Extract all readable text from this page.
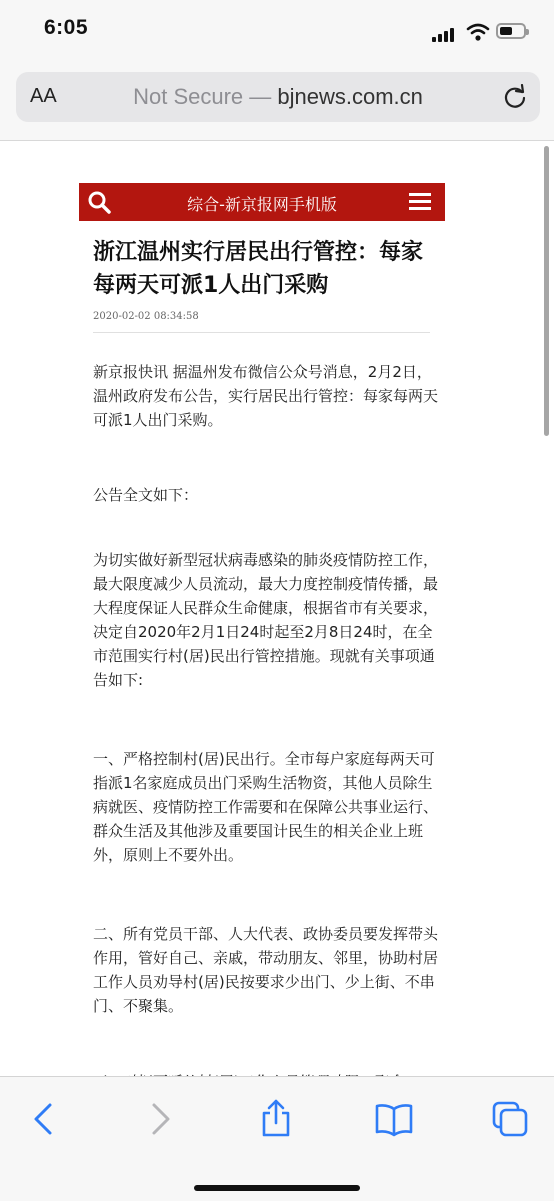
6:05
AA	Not Secure — bjnews.com.cn
综合-新京报网手机版
浙江温州实行居民出行管控：每家每两天可派1人出门采购
2020-02-02 08:34:58

新京报快讯 据温州发布微信公众号消息，2月2日，温州政府发布公告，实行居民出行管控：每家每两天可派1人出门采购。

公告全文如下：

为切实做好新型冠状病毒感染的肺炎疫情防控工作，最大限度减少人员流动，最大力度控制疫情传播，最大程度保证人民群众生命健康，根据省市有关要求，决定自2020年2月1日24时起至2月8日24时，在全市范围实行村(居)民出行管控措施。现就有关事项通告如下:

一、严格控制村(居)民出行。全市每户家庭每两天可指派1名家庭成员出门采购生活物资，其他人员除生病就医、疫情防控工作需要和在保障公共事业运行、群众生活及其他涉及重要国计民生的相关企业上班外，原则上不要外出。

二、所有党员干部、人大代表、政协委员要发挥带头作用，管好自己、亲戚，带动朋友、邻里，协助村居工作人员劝导村(居)民按要求少出门、少上街、不串门、不聚集。
